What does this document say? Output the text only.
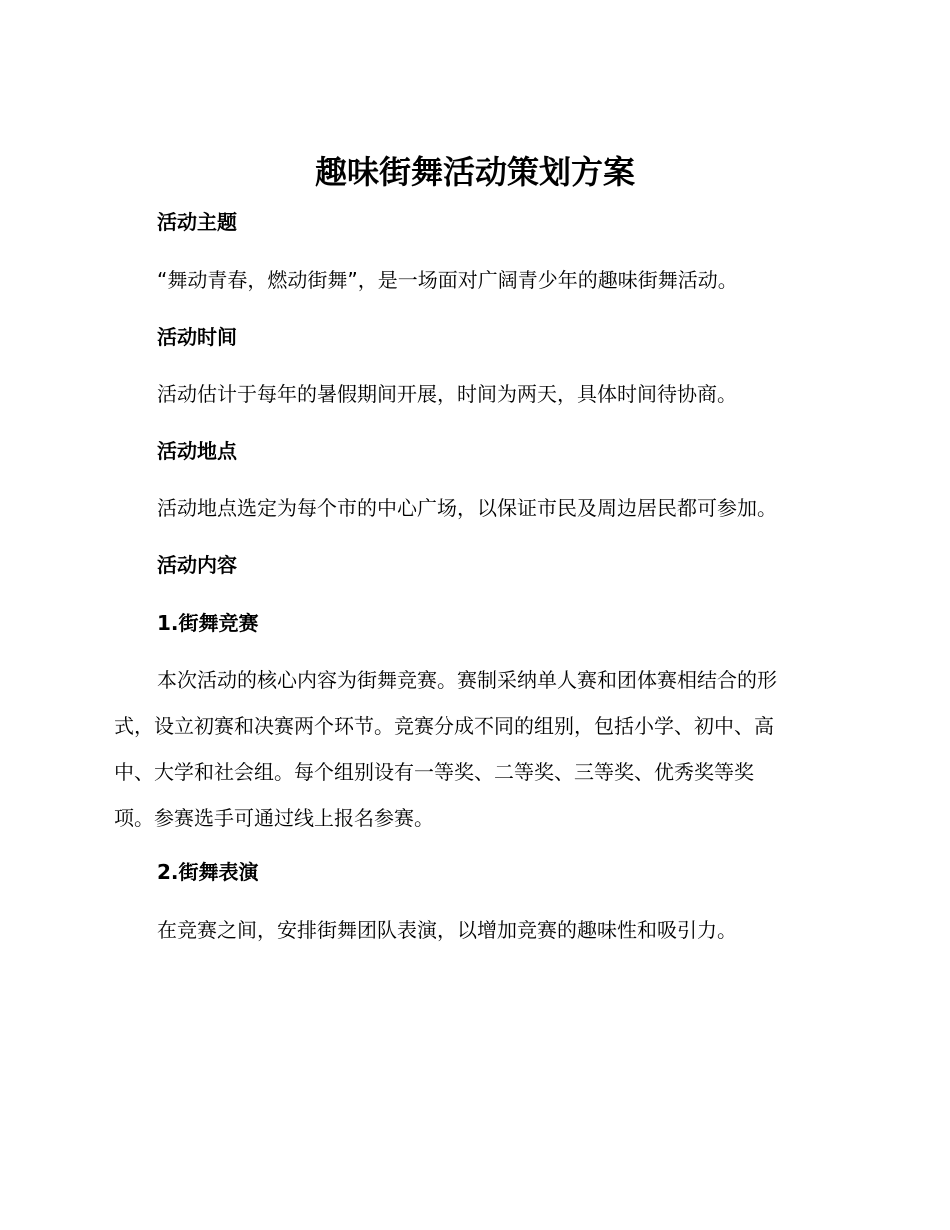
趣味街舞活动策划方案
活动主题

“舞动青春，燃动街舞”，是一场面对广阔青少年的趣味街舞活动。

活动时间

活动估计于每年的暑假期间开展，时间为两天，具体时间待协商。

活动地点

活动地点选定为每个市的中心广场，以保证市民及周边居民都可参加。

活动内容
1.街舞竞赛
本次活动的核心内容为街舞竞赛。赛制采纳单人赛和团体赛相结合的形
式，设立初赛和决赛两个环节。竞赛分成不同的组别，包括小学、初中、高
中、大学和社会组。每个组别设有一等奖、二等奖、三等奖、优秀奖等奖
项。参赛选手可通过线上报名参赛。
2.街舞表演

在竞赛之间，安排街舞团队表演，以增加竞赛的趣味性和吸引力。
